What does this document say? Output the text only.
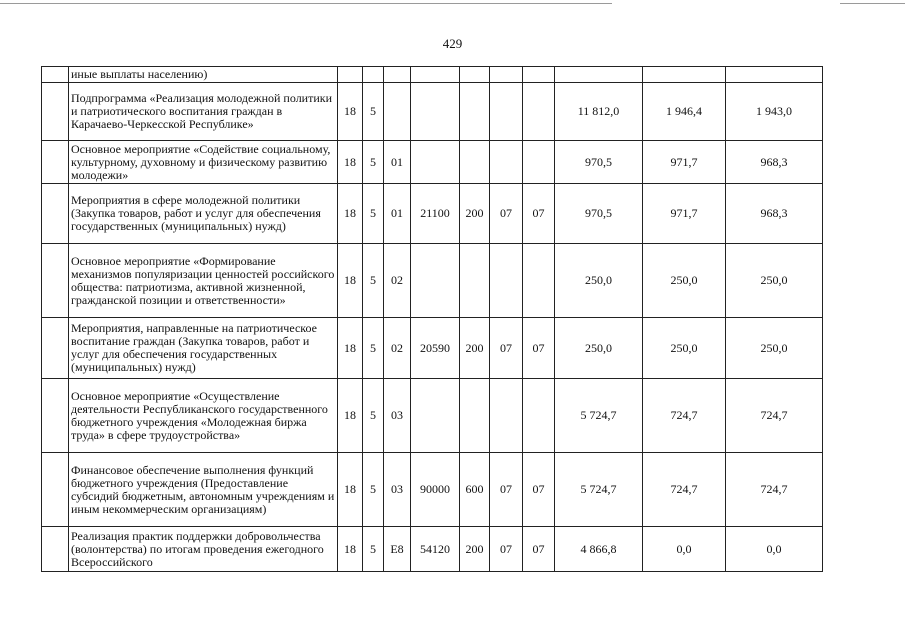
429
	иные выплаты населению)										
	Подпрограмма «Реализация молодежной политики и патриотического воспитания граждан в Карачаево-Черкесской Республике»	18	5						11 812,0	1 946,4	1 943,0
	Основное мероприятие «Содействие социальному, культурному, духовному и физическому развитию молодежи»	18	5	01					970,5	971,7	968,3
	Мероприятия в сфере молодежной политики (Закупка товаров, работ и услуг для обеспечения государственных (муниципальных) нужд)	18	5	01	21100	200	07	07	970,5	971,7	968,3
	Основное мероприятие «Формирование механизмов популяризации ценностей российского общества: патриотизма, активной жизненной, гражданской позиции и ответственности»	18	5	02					250,0	250,0	250,0
	Мероприятия, направленные на патриотическое воспитание граждан (Закупка товаров, работ и услуг для обеспечения государственных (муниципальных) нужд)	18	5	02	20590	200	07	07	250,0	250,0	250,0
	Основное мероприятие «Осуществление деятельности Республиканского государственного бюджетного учреждения «Молодежная биржа труда» в сфере трудоустройства»	18	5	03					5 724,7	724,7	724,7
	Финансовое обеспечение выполнения функций бюджетного учреждения (Предоставление субсидий бюджетным, автономным учреждениям и иным некоммерческим организациям)	18	5	03	90000	600	07	07	5 724,7	724,7	724,7
	Реализация практик поддержки добровольчества (волонтерства) по итогам проведения ежегодного Всероссийского	18	5	Е8	54120	200	07	07	4 866,8	0,0	0,0
